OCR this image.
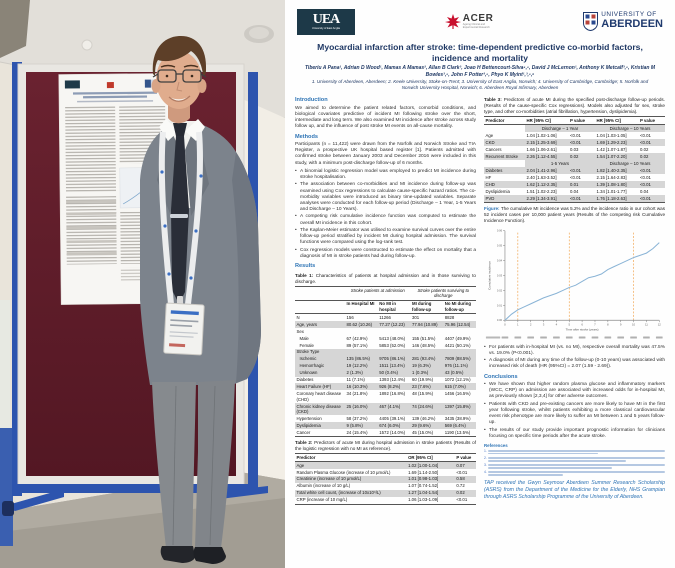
UEA
University of East Anglia
ACER
Ageing Clinical and
Experimental Research
UNIVERSITY OF
ABERDEEN
Myocardial infarction after stroke: time-dependent predictive co-morbid factors, incidence and mortality

Tiberiu A Pana¹, Adrian D Wood¹, Mamas A Mamas², Allan B Clark³, Joao H Bettencourt-Silva⁴,⁵, David J McLernon¹, Anthony K Metcalf³,⁵, Kristian M Bowles³,⁵, John F Potter³,⁵, Phyo K Myint¹,³,⁵,⁶

1. University of Aberdeen, Aberdeen; 2. Keele University, Stoke-on-Trent; 3. University of East Anglia, Norwich; 4. University of Cambridge, Cambridge; 5. Norfolk and Norwich University Hospital, Norwich; 6. Aberdeen Royal Infirmary, Aberdeen

Introduction

We aimed to determine the patient related factors, comorbid conditions, and biological covariates predictive of incident MI following stroke over the short, intermediate and long term. We also examined MI incidence after stroke across study follow up, and the influence of post stroke MI events on all-cause mortality.

Methods

Participants (n = 11,422) were drawn from the Norfolk and Norwich Stroke and TIA Register, a prospective UK hospital based register [1]. Patients admitted with confirmed stroke between January 2003 and December 2016 were included in this study, with a minimum post-discharge follow-up of 6 months.

• A binomial logistic regression model was employed to predict MI incidence during stroke hospitalisation.
• The association between co-morbidities and MI incidence during follow-up was examined using Cox regressions to calculate cause-specific hazard ratios. The co-morbidity variables were introduced as binary time-updated variables. Separate analyses were conducted for each follow-up period (Discharge – 1 Year, 1-5 Years and Discharge – 10 Years).
• A competing risk cumulative incidence function was computed to estimate the overall MI incidence in this cohort.
• The Kaplan-Meier estimator was utilised to examine survival curves over the entire follow-up period stratified by incident MI during hospital admission. The survival functions were compared using the log-rank test.
• Cox regression models were constructed to estimate the effect on mortality that a diagnosis of MI in stroke patients had during follow-up.
Results

Table 1: Characteristics of patients at hospital admission and in those surviving to discharge.

	Stroke patients at admission		Stroke patients surviving to discharge	
	In Hospital MI	No MI in hospital	MI during follow-up	No MI during follow-up
N	156	11266	301	8828
Age, years	80.62 (10.26)	77.27 (12.23)	77.94 (10.89)	75.96 (12.54)
Sex				
Male	67 (42.9%)	5413 (48.0%)	155 (51.5%)	4407 (49.9%)
Female	89 (57.1%)	5853 (52.0%)	146 (48.5%)	4421 (50.1%)
Stroke Type				
Ischemic	135 (86.5%)	9705 (86.1%)	281 (93.4%)	7809 (88.5%)
Hemorrhagic	19 (12.2%)	1511 (13.4%)	19 (6.3%)	976 (11.1%)
Unknown	2 (1.3%)	50 (0.4%)	1 (0.3%)	43 (0.5%)
Diabetes	11 (7.1%)	1393 (12.4%)	60 (19.9%)	1072 (12.1%)
Heart Failure (HF)	16 (10.3%)	926 (8.2%)	23 (7.6%)	615 (7.0%)
Coronary heart disease (CHD)	34 (21.8%)	1892 (16.8%)	48 (15.9%)	1456 (16.5%)
Chronic kidney disease (CKD)	25 (16.0%)	467 (4.1%)	74 (24.6%)	1397 (15.8%)
Hypertension	58 (37.2%)	4405 (39.1%)	139 (46.2%)	3435 (38.9%)
Dyslipidemia	9 (5.8%)	674 (6.0%)	29 (9.6%)	569 (6.4%)
Cancer	24 (15.4%)	1572 (14.0%)	45 (15.0%)	1190 (13.5%)

Table 2: Predictors of acute MI during hospital admission in stroke patients (Results of the logistic regression with no MI as reference).

Predictor	OR [95% CI]	P value
Age	1.02 [1.00-1.04]	0.07
Random Plasma Glucose (increase of 10 μmol/L)	1.69 [1.14-2.50]	<0.01
Creatinine (increase of 10 μmol/L)	1.01 [0.98-1.03]	0.58
Albumin (increase of 10 g/L)	1.07 [0.74-1.52]	0.72
Total white cell count, (increase of 10x10⁹/L)	1.27 [1.04-1.54]	0.02
CRP (increase of 10 mg/L)	1.06 [1.03-1.09]	<0.01

Table 3: Predictors of acute MI during the specified post-discharge follow-up periods. (Results of the cause-specific Cox regressions). Models also adjusted for sex, stroke type, and other co-morbidities (atrial fibrillation, hypertension, dyslipidemia).

Predictor	HR [95% CI]	P value	HR [95% CI]	P value
	Discharge – 1 Year		Discharge – 10 Years	
Age	1.04 [1.02-1.06]	<0.01	1.04 [1.03-1.05]	<0.01
CKD	2.15 [1.25-3.69]	<0.01	1.69 [1.29-2.23]	<0.01
Cancers	1.66 [1.06-2.61]	0.03	1.42 [1.07-1.87]	0.02
Recurrent Stroke	2.26 [1.12-4.55]	0.02	1.54 [1.07-2.20]	0.02
	1-5 Years		Discharge – 10 Years	
Diabetes	2.04 [1.41-2.96]	<0.01	1.82 [1.40-2.35]	<0.01
HF	2.40 [1.63-3.52]	<0.01	2.15 [1.64-2.83]	<0.01
CHD	1.62 [1.12-2.35]	0.01	1.39 [1.08-1.80]	<0.01
Dyslipidemia	1.51 [1.02-2.23]	0.04	1.34 [1.01-1.77]	0.04
PVD	2.29 [1.34-3.91]	<0.01	1.76 [1.18-2.63]	<0.01

Figure: The cumulative MI incidence was 5.2% and the incidence ratio in our cohort was 52 incident cases per 10,000 patient years (Results of the competing risk Cumulative Incidence Function).

0	1	2	3	4	5	6	7	8	9	10	11	12
0.00
0.01
0.02
0.03
0.04
0.05
0.06
Time after stroke (years)
Cumulative incidence
• For patients with in-hospital MI (vs. no MI), respective overall mortality was 47.5% vs. 19.0% (P<0.001).
• A diagnosis of MI during any time of the follow-up (0-10 years) was associated with increased risk of death (HR (95%CI) = 2.07 (1.59 - 2.69)).
Conclusions
• We have shown that higher random plasma glucose and inflammatory markers (WCC, CRP) on admission are associated with increased odds for in-hospital MI, as previously shown [2,3,4] for other adverse outcomes.
• Patients with CKD and pre-existing cancers are more likely to have MI in the first year following stroke, whilst patients exhibiting a more classical cardiovascular event risk phenotype are more likely to suffer an MI between 1 and 5 years follow-up.
• The results of our study provide important prognostic information for clinicians focusing on specific time periods after the acute stroke.
References
1.
2.
3.
4.

TAP received the Gwyn Seymour Aberdeen Summer Research Scholarship (ASRS) from the Department of the Medicine for the Elderly, NHS Grampian through ASRS Scholarship Programme of the University of Aberdeen.
